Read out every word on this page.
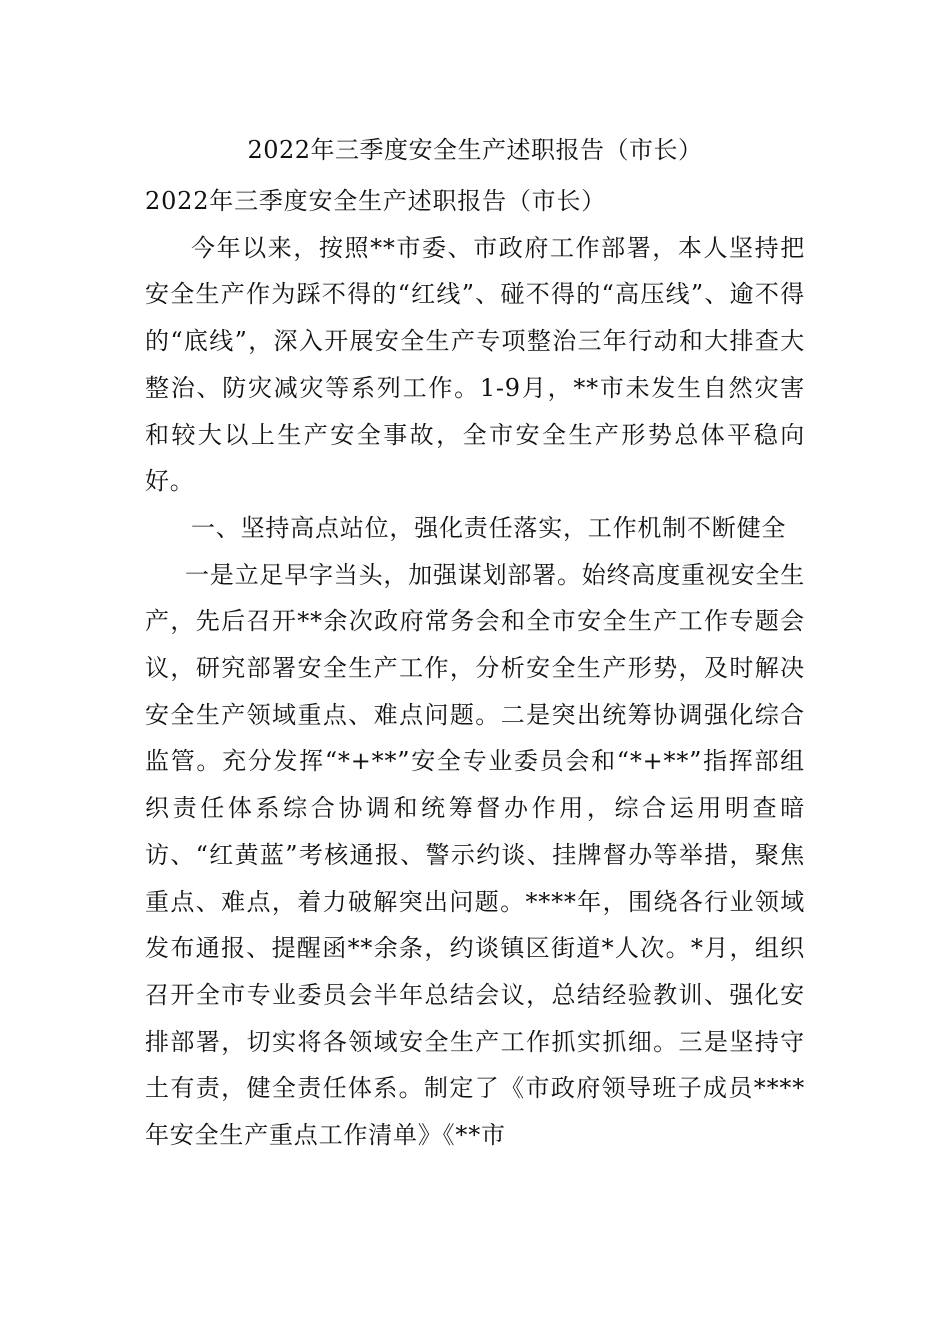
2022年三季度安全生产述职报告（市长）

2022年三季度安全生产述职报告（市长）

今年以来，按照**市委、市政府工作部署，本人坚持把安全生产作为踩不得的“红线”、碰不得的“高压线”、逾不得的“底线”，深入开展安全生产专项整治三年行动和大排查大整治、防灾减灾等系列工作。1-9月，**市未发生自然灾害和较大以上生产安全事故，全市安全生产形势总体平稳向好。

一、坚持高点站位，强化责任落实，工作机制不断健全

一是立足早字当头，加强谋划部署。始终高度重视安全生产，先后召开**余次政府常务会和全市安全生产工作专题会议，研究部署安全生产工作，分析安全生产形势，及时解决安全生产领域重点、难点问题。二是突出统筹协调强化综合监管。充分发挥“*+**”安全专业委员会和“*+**”指挥部组织责任体系综合协调和统筹督办作用，综合运用明查暗访、“红黄蓝”考核通报、警示约谈、挂牌督办等举措，聚焦重点、难点，着力破解突出问题。****年，围绕各行业领域发布通报、提醒函**余条，约谈镇区街道*人次。*月，组织召开全市专业委员会半年总结会议，总结经验教训、强化安排部署，切实将各领域安全生产工作抓实抓细。三是坚持守土有责，健全责任体系。制定了《市政府领导班子成员****年安全生产重点工作清单》《**市
